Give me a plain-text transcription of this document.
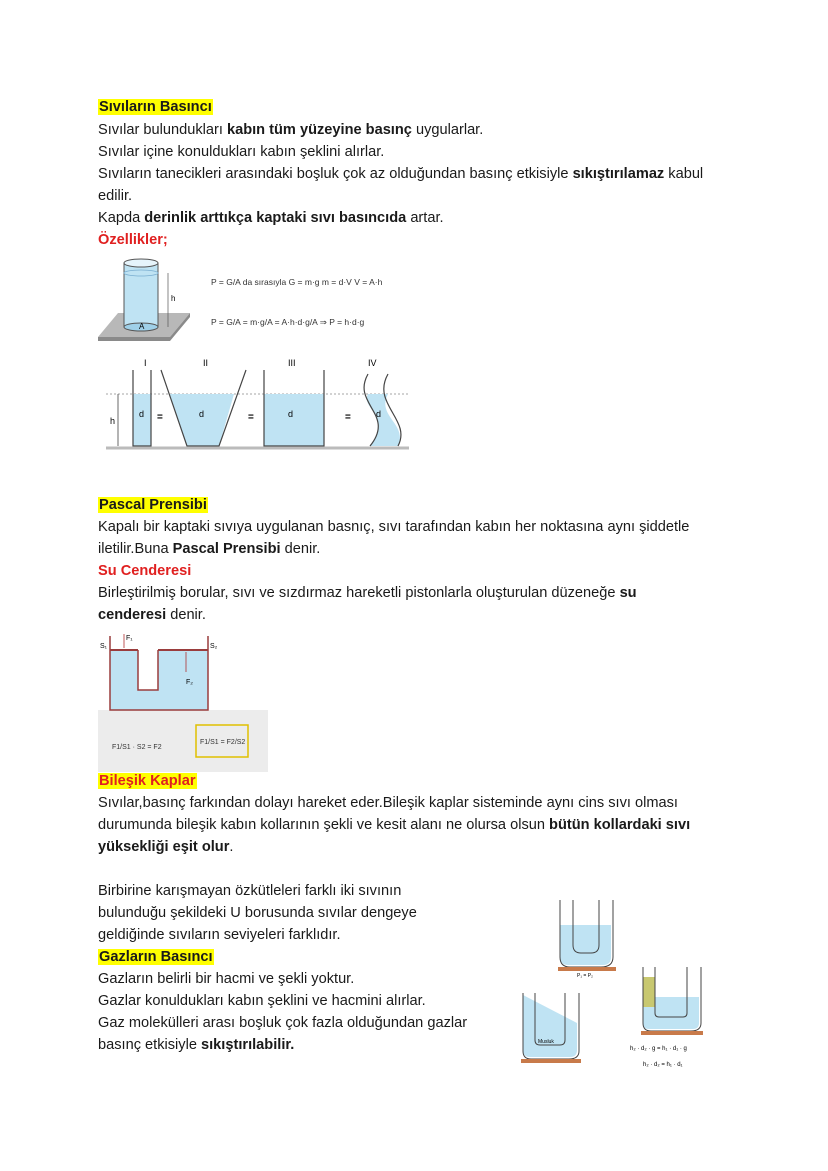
Sıvıların Basıncı
Sıvılar bulundukları kabın tüm yüzeyine basınç uygularlar.
Sıvılar içine konuldukları kabın şeklini alırlar.
Sıvıların tanecikleri arasındaki boşluk çok az olduğundan basınç etkisiyle sıkıştırılamaz kabul
edilir.
Kapda derinlik arttıkça kaptaki sıvı basıncıda artar.
Özellikler;
h
A
P = G/A da sırasıyla G = m·g m = d·V V = A·h
P = G/A = m·g/A = A·h·d·g/A ⇒ P = h·d·g
I	II	III	IV
d	d	d	d
=	=	=
h
Pascal Prensibi
Kapalı bir kaptaki sıvıya uygulanan basnıç, sıvı tarafından kabın her noktasına aynı şiddetle
iletilir.Buna Pascal Prensibi denir.
Su Cenderesi
Birleştirilmiş borular, sıvı ve sızdırmaz hareketli pistonlarla oluşturulan düzeneğe su
cenderesi denir.
S₁	S₂
F₁
F₂
F1/S1 · S2 = F2
F1/S1 = F2/S2
Bileşik Kaplar
Sıvılar,basınç farkından dolayı hareket eder.Bileşik kaplar sisteminde aynı cins sıvı olması
durumunda bileşik kabın kollarının şekli ve kesit alanı ne olursa olsun bütün kollardaki sıvı
yüksekliği eşit olur.
Birbirine karışmayan özkütleleri farklı iki sıvının
bulunduğu şekildeki U borusunda sıvılar dengeye
geldiğinde sıvıların seviyeleri farklıdır.
Gazların Basıncı
Gazların belirli bir hacmi ve şekli yoktur.
Gazlar konuldukları kabın şeklini ve hacmini alırlar.
Gaz molekülleri arası boşluk çok fazla olduğundan gazlar
basınç etkisiyle sıkıştırılabilir.
P₁ = P₂
Musluk
h₂ · d₂ · g = h₁ · d₁ · g
h₂ · d₂ = h₁ · d₁
